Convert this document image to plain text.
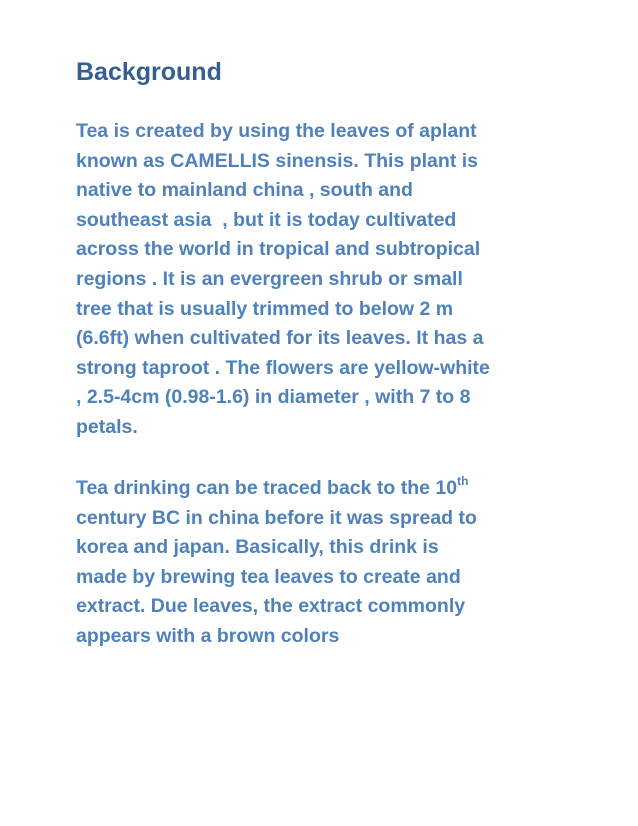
Background

Tea is created by using the leaves of aplant
known as CAMELLIS sinensis. This plant is
native to mainland china , south and
southeast asia  , but it is today cultivated
across the world in tropical and subtropical
regions . It is an evergreen shrub or small
tree that is usually trimmed to below 2 m
(6.6ft) when cultivated for its leaves. It has a
strong taproot . The flowers are yellow-white
, 2.5-4cm (0.98-1.6) in diameter , with 7 to 8
petals.

Tea drinking can be traced back to the 10th
century BC in china before it was spread to
korea and japan. Basically, this drink is
made by brewing tea leaves to create and
extract. Due leaves, the extract commonly
appears with a brown colors
